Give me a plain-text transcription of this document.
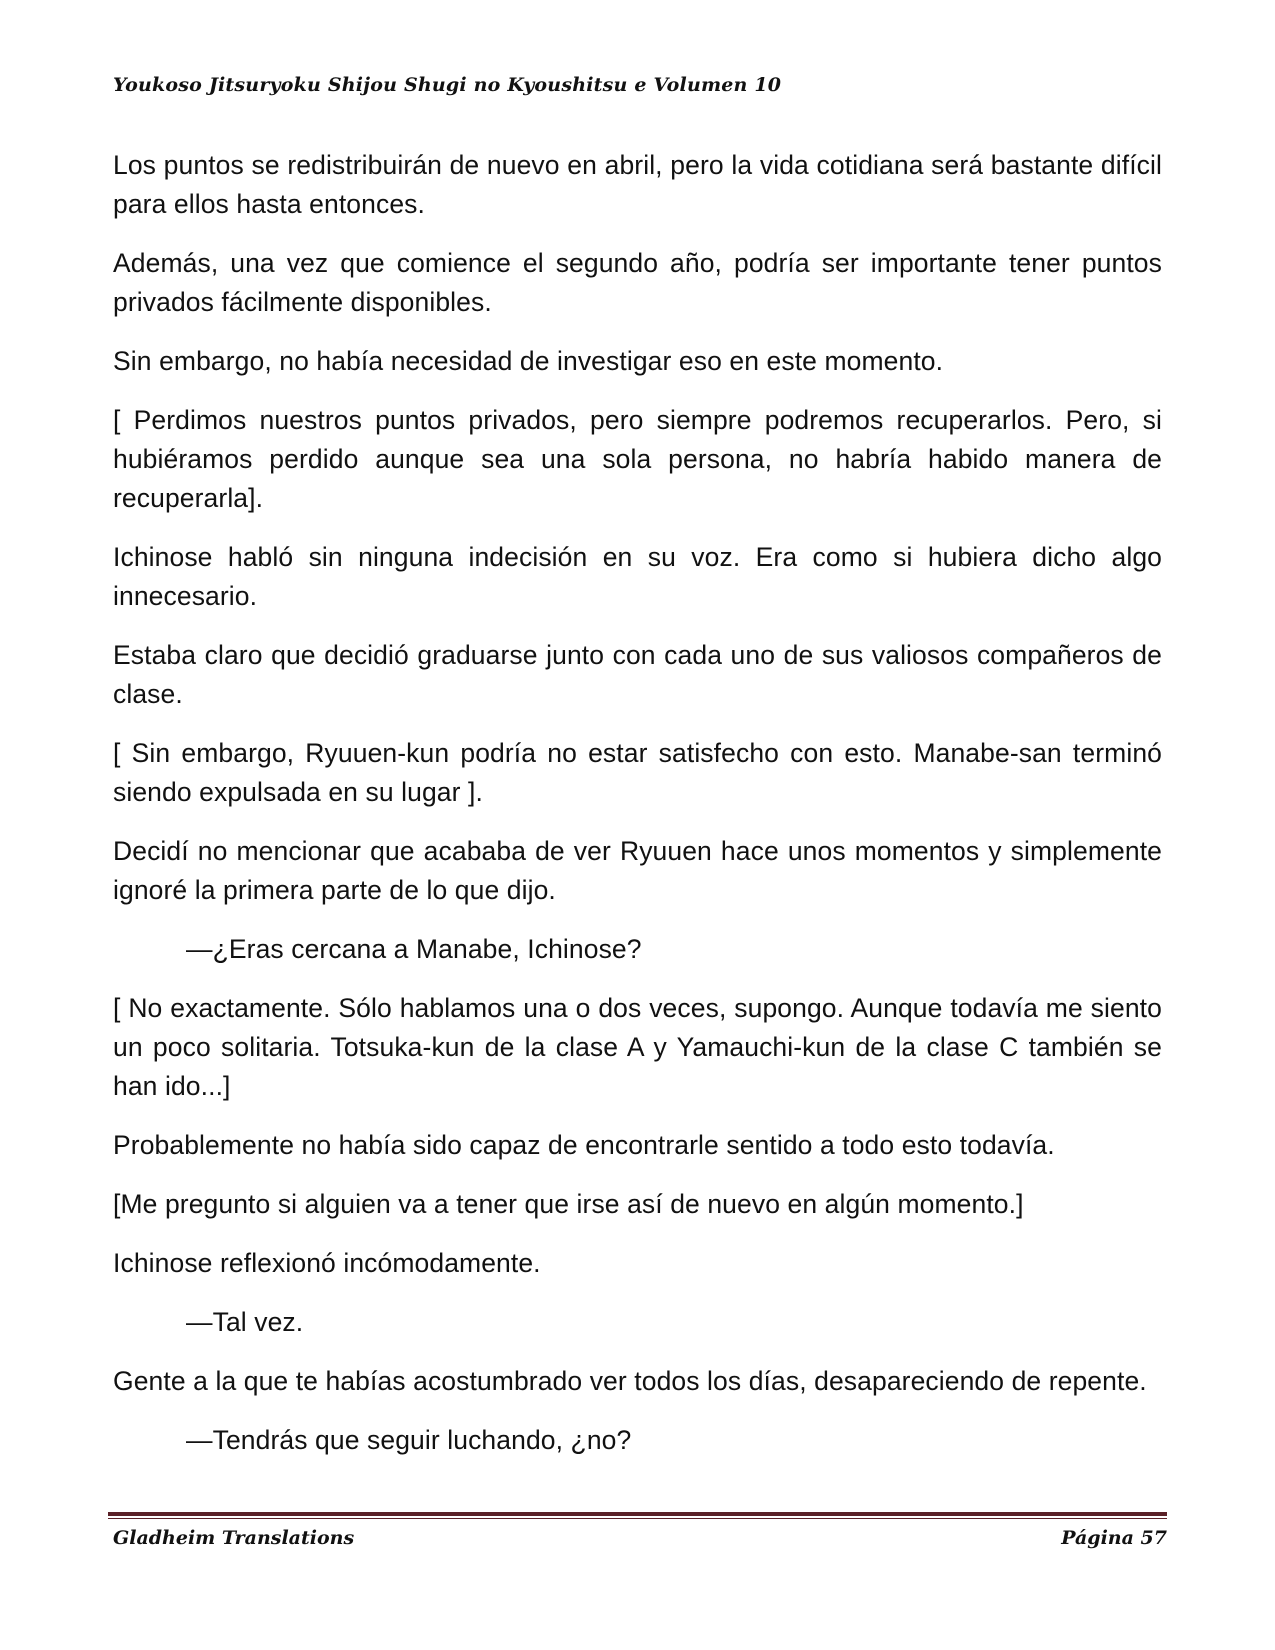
Youkoso Jitsuryoku Shijou Shugi no Kyoushitsu e Volumen 10

Los puntos se redistribuirán de nuevo en abril, pero la vida cotidiana será bastante difícil para ellos hasta entonces.

Además, una vez que comience el segundo año, podría ser importante tener puntos privados fácilmente disponibles.

Sin embargo, no había necesidad de investigar eso en este momento.

[ Perdimos nuestros puntos privados, pero siempre podremos recuperarlos. Pero, si hubiéramos perdido aunque sea una sola persona, no habría habido manera de recuperarla].

Ichinose habló sin ninguna indecisión en su voz. Era como si hubiera dicho algo innecesario.

Estaba claro que decidió graduarse junto con cada uno de sus valiosos compañeros de clase.

[ Sin embargo, Ryuuen-kun podría no estar satisfecho con esto. Manabe-san terminó siendo expulsada en su lugar ].

Decidí no mencionar que acababa de ver Ryuuen hace unos momentos y simplemente ignoré la primera parte de lo que dijo.

—¿Eras cercana a Manabe, Ichinose?

[ No exactamente. Sólo hablamos una o dos veces, supongo. Aunque todavía me siento un poco solitaria. Totsuka-kun de la clase A y Yamauchi-kun de la clase C también se han ido...]

Probablemente no había sido capaz de encontrarle sentido a todo esto todavía.

[Me pregunto si alguien va a tener que irse así de nuevo en algún momento.]

Ichinose reflexionó incómodamente.

—Tal vez.

Gente a la que te habías acostumbrado ver todos los días, desapareciendo de repente.

—Tendrás que seguir luchando, ¿no?

Gladheim Translations	Página 57
